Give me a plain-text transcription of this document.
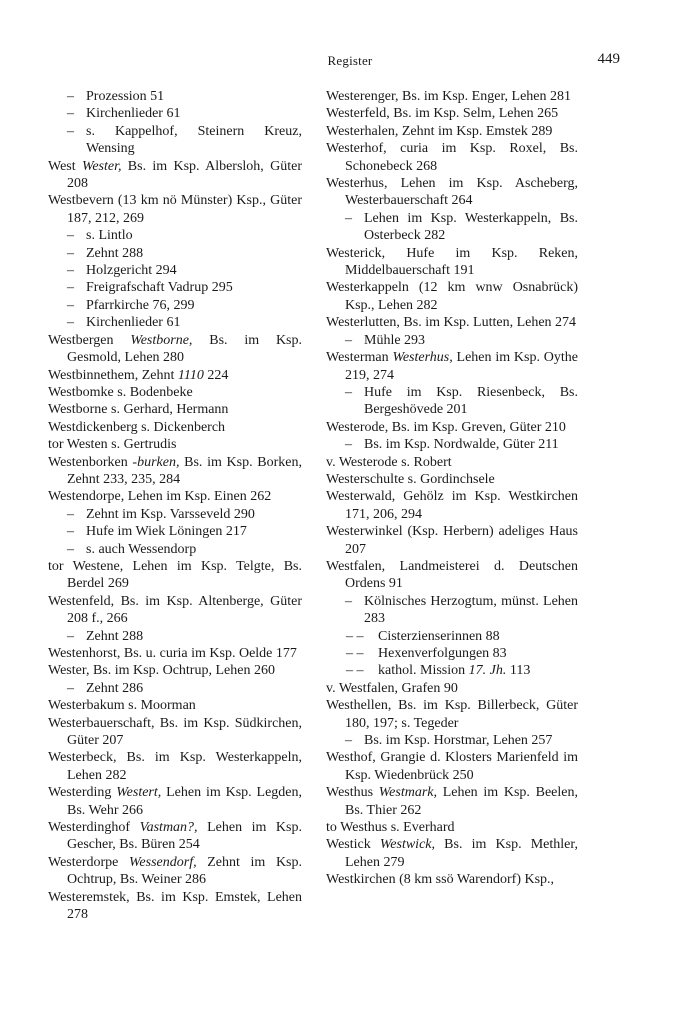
Register	449

– Prozession 51

– Kirchenlieder 61

– s. Kappelhof, Steinern Kreuz, Wensing

West Wester, Bs. im Ksp. Albersloh, Güter 208

Westbevern (13 km nö Münster) Ksp., Güter 187, 212, 269

– s. Lintlo

– Zehnt 288

– Holzgericht 294

– Freigrafschaft Vadrup 295

– Pfarrkirche 76, 299

– Kirchenlieder 61

Westbergen Westborne, Bs. im Ksp. Gesmold, Lehen 280

Westbinnethem, Zehnt 1110 224

Westbomke s. Bodenbeke

Westborne s. Gerhard, Hermann

Westdickenberg s. Dickenberch

tor Westen s. Gertrudis

Westenborken -burken, Bs. im Ksp. Borken, Zehnt 233, 235, 284

Westendorpe, Lehen im Ksp. Einen 262

– Zehnt im Ksp. Varsseveld 290

– Hufe im Wiek Löningen 217

– s. auch Wessendorp

tor Westene, Lehen im Ksp. Telgte, Bs. Berdel 269

Westenfeld, Bs. im Ksp. Altenberge, Güter 208 f., 266

– Zehnt 288

Westenhorst, Bs. u. curia im Ksp. Oelde 177

Wester, Bs. im Ksp. Ochtrup, Lehen 260

– Zehnt 286

Westerbakum s. Moorman

Westerbauerschaft, Bs. im Ksp. Südkirchen, Güter 207

Westerbeck, Bs. im Ksp. Westerkappeln, Lehen 282

Westerding Westert, Lehen im Ksp. Legden, Bs. Wehr 266

Westerdinghof Vastman?, Lehen im Ksp. Gescher, Bs. Büren 254

Westerdorpe Wessendorf, Zehnt im Ksp. Ochtrup, Bs. Weiner 286

Westeremstek, Bs. im Ksp. Emstek, Lehen 278

Westerenger, Bs. im Ksp. Enger, Lehen 281

Westerfeld, Bs. im Ksp. Selm, Lehen 265

Westerhalen, Zehnt im Ksp. Emstek 289

Westerhof, curia im Ksp. Roxel, Bs. Schonebeck 268

Westerhus, Lehen im Ksp. Ascheberg, Westerbauerschaft 264

– Lehen im Ksp. Westerkappeln, Bs. Osterbeck 282

Westerick, Hufe im Ksp. Reken, Middelbauerschaft 191

Westerkappeln (12 km wnw Osnabrück) Ksp., Lehen 282

Westerlutten, Bs. im Ksp. Lutten, Lehen 274

– Mühle 293

Westerman Westerhus, Lehen im Ksp. Oythe 219, 274

– Hufe im Ksp. Riesenbeck, Bs. Bergeshövede 201

Westerode, Bs. im Ksp. Greven, Güter 210

– Bs. im Ksp. Nordwalde, Güter 211

v. Westerode s. Robert

Westerschulte s. Gordinchsele

Westerwald, Gehölz im Ksp. Westkirchen 171, 206, 294

Westerwinkel (Ksp. Herbern) adeliges Haus 207

Westfalen, Landmeisterei d. Deutschen Ordens 91

– Kölnisches Herzogtum, münst. Lehen 283

– – Cisterzienserinnen 88

– – Hexenverfolgungen 83

– – kathol. Mission 17. Jh. 113

v. Westfalen, Grafen 90

Westhellen, Bs. im Ksp. Billerbeck, Güter 180, 197; s. Tegeder

– Bs. im Ksp. Horstmar, Lehen 257

Westhof, Grangie d. Klosters Marienfeld im Ksp. Wiedenbrück 250

Westhus Westmark, Lehen im Ksp. Beelen, Bs. Thier 262

to Westhus s. Everhard

Westick Westwick, Bs. im Ksp. Methler, Lehen 279

Westkirchen (8 km ssö Warendorf) Ksp.,
